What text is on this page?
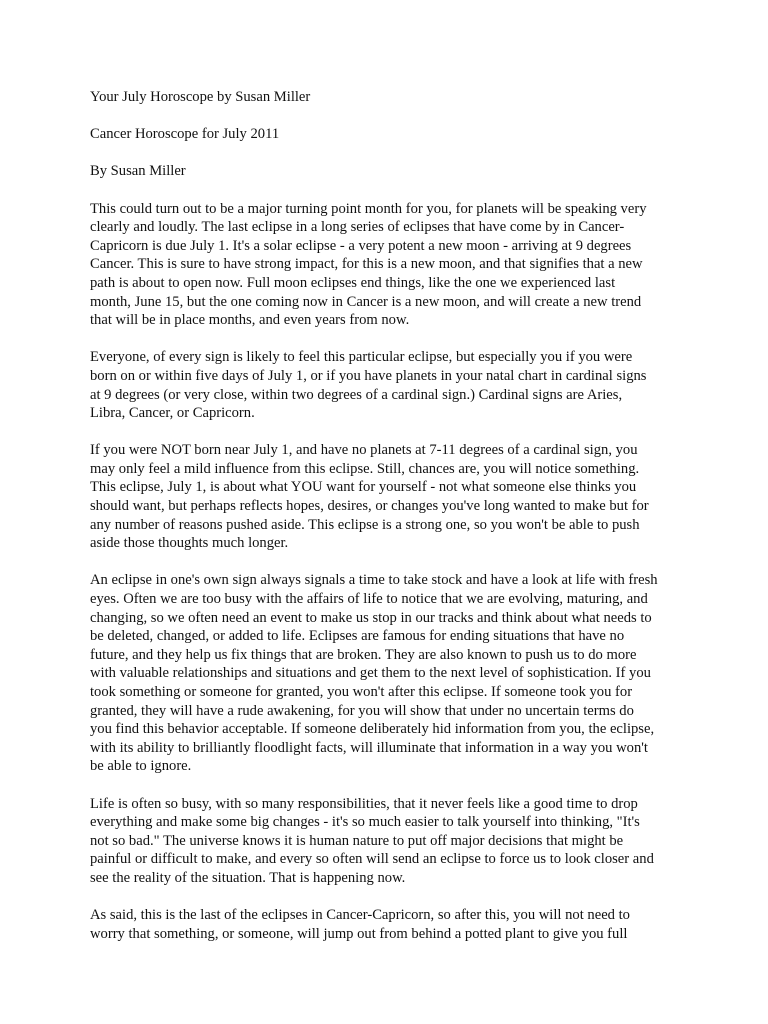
Your July Horoscope by Susan Miller

Cancer Horoscope for July 2011

By Susan Miller

This could turn out to be a major turning point month for you, for planets will be speaking very
clearly and loudly. The last eclipse in a long series of eclipses that have come by in Cancer-
Capricorn is due July 1. It's a solar eclipse - a very potent a new moon - arriving at 9 degrees
Cancer. This is sure to have strong impact, for this is a new moon, and that signifies that a new
path is about to open now. Full moon eclipses end things, like the one we experienced last
month, June 15, but the one coming now in Cancer is a new moon, and will create a new trend
that will be in place months, and even years from now.
Everyone, of every sign is likely to feel this particular eclipse, but especially you if you were
born on or within five days of July 1, or if you have planets in your natal chart in cardinal signs
at 9 degrees (or very close, within two degrees of a cardinal sign.) Cardinal signs are Aries,
Libra, Cancer, or Capricorn.
If you were NOT born near July 1, and have no planets at 7-11 degrees of a cardinal sign, you
may only feel a mild influence from this eclipse. Still, chances are, you will notice something.
This eclipse, July 1, is about what YOU want for yourself - not what someone else thinks you
should want, but perhaps reflects hopes, desires, or changes you've long wanted to make but for
any number of reasons pushed aside. This eclipse is a strong one, so you won't be able to push
aside those thoughts much longer.
An eclipse in one's own sign always signals a time to take stock and have a look at life with fresh
eyes. Often we are too busy with the affairs of life to notice that we are evolving, maturing, and
changing, so we often need an event to make us stop in our tracks and think about what needs to
be deleted, changed, or added to life. Eclipses are famous for ending situations that have no
future, and they help us fix things that are broken. They are also known to push us to do more
with valuable relationships and situations and get them to the next level of sophistication. If you
took something or someone for granted, you won't after this eclipse. If someone took you for
granted, they will have a rude awakening, for you will show that under no uncertain terms do
you find this behavior acceptable. If someone deliberately hid information from you, the eclipse,
with its ability to brilliantly floodlight facts, will illuminate that information in a way you won't
be able to ignore.
Life is often so busy, with so many responsibilities, that it never feels like a good time to drop
everything and make some big changes - it's so much easier to talk yourself into thinking, "It's
not so bad." The universe knows it is human nature to put off major decisions that might be
painful or difficult to make, and every so often will send an eclipse to force us to look closer and
see the reality of the situation. That is happening now.
As said, this is the last of the eclipses in Cancer-Capricorn, so after this, you will not need to
worry that something, or someone, will jump out from behind a potted plant to give you full
